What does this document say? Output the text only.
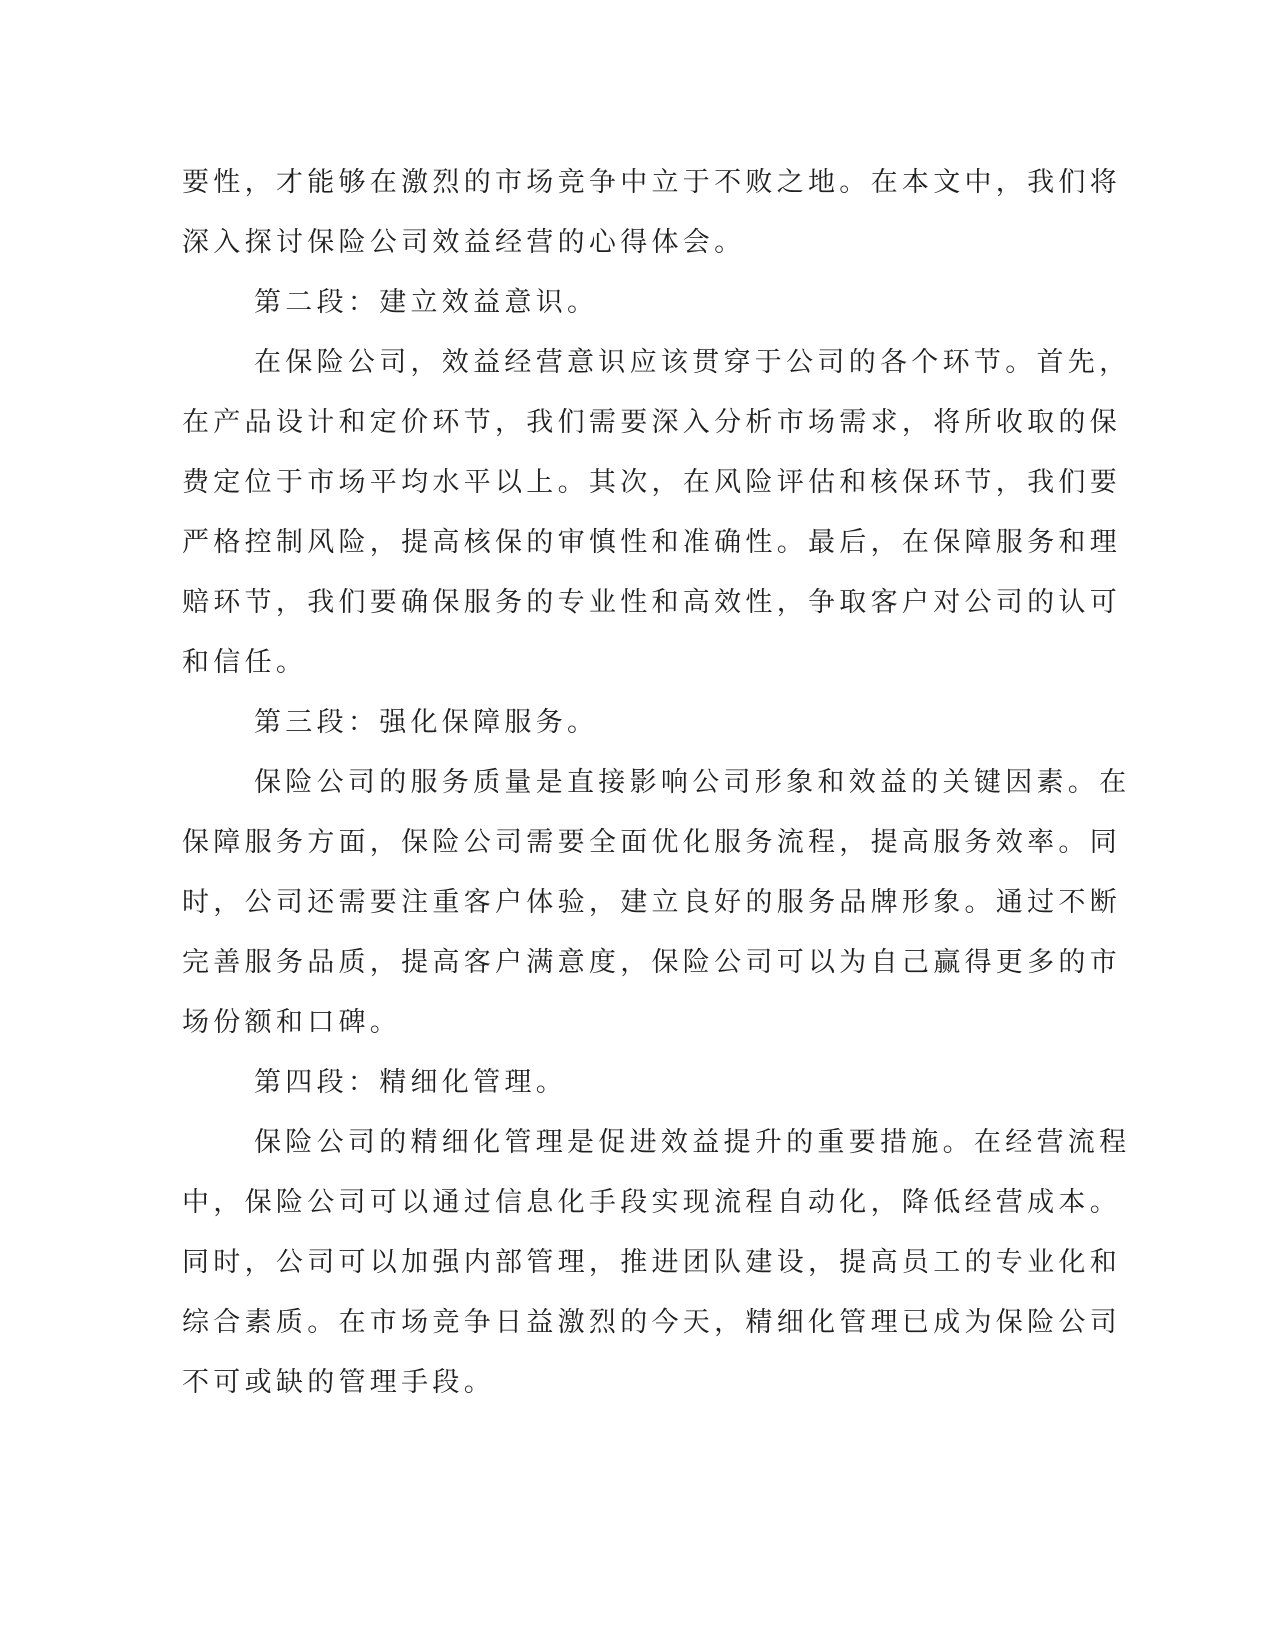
要性，才能够在激烈的市场竞争中立于不败之地。在本文中，我们将

深入探讨保险公司效益经营的心得体会。

第二段：建立效益意识。

在保险公司，效益经营意识应该贯穿于公司的各个环节。首先，

在产品设计和定价环节，我们需要深入分析市场需求，将所收取的保

费定位于市场平均水平以上。其次，在风险评估和核保环节，我们要

严格控制风险，提高核保的审慎性和准确性。最后，在保障服务和理

赔环节，我们要确保服务的专业性和高效性，争取客户对公司的认可

和信任。

第三段：强化保障服务。

保险公司的服务质量是直接影响公司形象和效益的关键因素。在

保障服务方面，保险公司需要全面优化服务流程，提高服务效率。同

时，公司还需要注重客户体验，建立良好的服务品牌形象。通过不断

完善服务品质，提高客户满意度，保险公司可以为自己赢得更多的市

场份额和口碑。

第四段：精细化管理。

保险公司的精细化管理是促进效益提升的重要措施。在经营流程

中，保险公司可以通过信息化手段实现流程自动化，降低经营成本。

同时，公司可以加强内部管理，推进团队建设，提高员工的专业化和

综合素质。在市场竞争日益激烈的今天，精细化管理已成为保险公司

不可或缺的管理手段。
